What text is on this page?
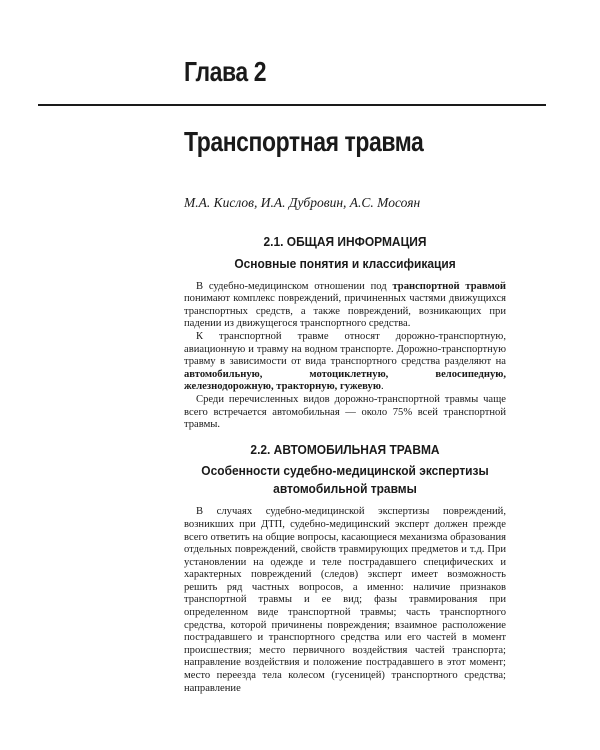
Глава 2
Транспортная травма

М.А. Кислов, И.А. Дубровин, А.С. Мосоян

2.1. ОБЩАЯ ИНФОРМАЦИЯ
Основные понятия и классификация

В судебно-медицинском отношении под транспортной травмой понимают комплекс повреждений, причиненных частями движущихся транспортных средств, а также повреждений, возникающих при падении из движущегося транспортного средства.

К транспортной травме относят дорожно-транспортную, авиационную и травму на водном транспорте. Дорожно-транспортную травму в зависимости от вида транспортного средства разделяют на автомобильную, мотоциклетную, велосипедную, железнодорожную, тракторную, гужевую.

Среди перечисленных видов дорожно-транспортной травмы чаще всего встречается автомобильная — около 75% всей транспортной травмы.

2.2. АВТОМОБИЛЬНАЯ ТРАВМА
Особенности судебно-медицинской экспертизы
автомобильной травмы

В случаях судебно-медицинской экспертизы повреждений, возникших при ДТП, судебно-медицинский эксперт должен прежде всего ответить на общие вопросы, касающиеся механизма образования отдельных повреждений, свойств травмирующих предметов и т.д. При установлении на одежде и теле пострадавшего специфических и характерных повреждений (следов) эксперт имеет возможность решить ряд частных вопросов, а именно: наличие признаков транспортной травмы и ее вид; фазы травмирования при определенном виде транспортной травмы; часть транспортного средства, которой причинены повреждения; взаимное расположение пострадавшего и транспортного средства или его частей в момент происшествия; место первичного воздействия частей транспорта; направление воздействия и положение пострадавшего в этот момент; место переезда тела колесом (гусеницей) транспортного средства; направление
